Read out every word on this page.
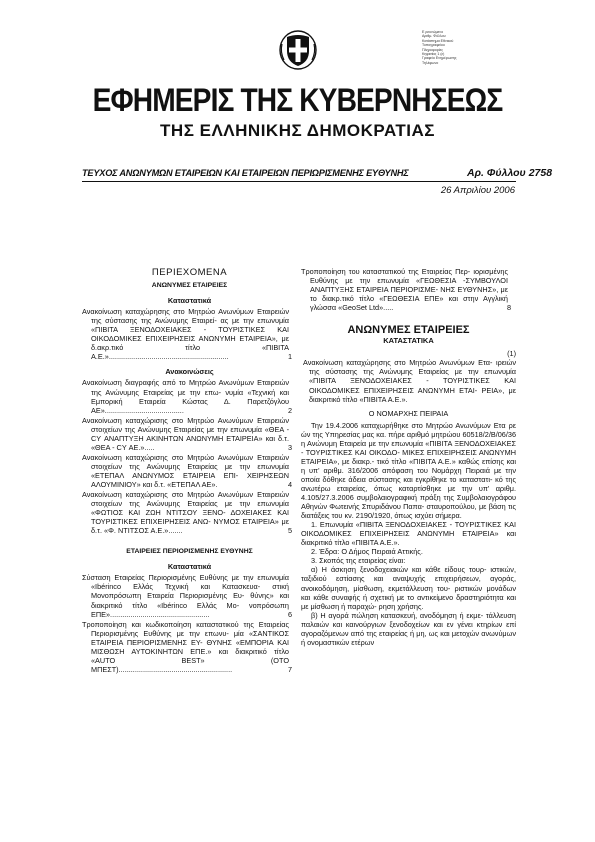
Ε ρευνώμενο
Αριθμ. Φύλλου
Κατάστημα Εθνικού
Τυπογραφείου
Πληροφορίες
Κηφισίας 1 (ε)
Γραφείο Ενημέρωσης
Τηλέφωνο
ΕΦΗΜΕΡΙΣ ΤΗΣ ΚΥΒΕΡΝΗΣΕΩΣ
ΤΗΣ ΕΛΛΗΝΙΚΗΣ ΔΗΜΟΚΡΑΤΙΑΣ
ΤΕΥΧΟΣ ΑΝΩΝΥΜΩΝ ΕΤΑΙΡΕΙΩΝ ΚΑΙ ΕΤΑΙΡΕΙΩΝ ΠΕΡΙΩΡΙΣΜΕΝΗΣ ΕΥΘΥΝΗΣ	Αρ. Φύλλου 2758
26 Απριλίου 2006
ΠΕΡΙΕΧΟΜΕΝΑ
ΑΝΩΝΥΜΕΣ ΕΤΑΙΡΕΙΕΣ
Καταστατικά
Ανακοίνωση καταχώρησης στο Μητρώο Ανωνύμων Εταιρειών της σύστασης της Ανώνυμης Εταιρεί- ας με την επωνυμία «ΠΙΒΙΤΑ ΞΕΝΟΔΟΧΕΙΑΚΕΣ - ΤΟΥΡΙΣΤΙΚΕΣ ΚΑΙ ΟΙΚΟΔΟΜΙΚΕΣ ΕΠΙΧΕΙΡΗΣΕΙΣ ΑΝΩΝΥΜΗ ΕΤΑΙΡΕΙΑ», με δ.ακρ.τικό τίτλο «ΠΙΒΙΤΑ Α.Ε.»...........................................................	1
Ανακοινώσεις
Ανακοίνωση διαγραφής από το Μητρώο Ανωνύμων Εταιρειών της Ανώνυμης Εταιρείας με την επω- νυμία «Τεχνική και Εμπορική Εταιρεία Κώστας Δ. Παρετζόγλου ΑΕ».......................................	2
Ανακοίνωση καταχώρισης στο Μητρώο Ανωνύμων Εταιρειών στοιχείων της Ανώνυμης Εταιρείας με την επωνυμία «ΘΕΑ - CY ΑΝΑΠΤΥΞΗ ΑΚΙΝΗΤΩΝ ΑΝΩΝΥΜΗ ΕΤΑΙΡΕΙΑ» και δ.τ. «ΘΕΑ - CY ΑΕ.».....	3
Ανακοίνωση καταχώρισης στο Μητρώο Ανωνύμων Εταιρειών στοιχείων της Ανώνυμης Εταιρείας με την επωνυμία «ΕΤΕΠΑΛ ΑΝΩΝΥΜΟΣ ΕΤΑΙΡΕΙΑ ΕΠΙ- ΧΕΙΡΗΣΕΩΝ ΑΛΟΥΜΙΝΙΟΥ» και δ.τ. «ΕΤΕΠΑΛ ΑΕ».	4
Ανακοίνωση καταχώρισης στο Μητρώο Ανωνύμων Εταιρειών στοιχείων της Ανώνυμης Εταιρείας με την επωνυμία «ΦΩΤΙΟΣ ΚΑΙ ΖΩΗ ΝΤΙΤΣΟΥ ΞΕΝΟ- ΔΟΧΕΙΑΚΕΣ ΚΑΙ ΤΟΥΡΙΣΤΙΚΕΣ ΕΠΙΧΕΙΡΗΣΕΙΣ ΑΝΩ- ΝΥΜΟΣ ΕΤΑΙΡΕΙΑ» με δ.τ. «Φ. ΝΤΙΤΣΟΣ Α.Ε.».......	5
ΕΤΑΙΡΕΙΕΣ ΠΕΡΙΟΡΙΣΜΕΝΗΣ ΕΥΘΥΝΗΣ
Καταστατικά
Σύσταση Εταιρείας Περιορισμένης Ευθύνης με την επωνυμία «Ibérinco Ελλάς Τεχνική και Κατασκευα- στική Μονοπρόσωπη Εταιρεία Περιορισμένης Ευ- θύνης» και διακριτικό τίτλο «Ibérinco Ελλάς Μο- νοπρόσωπη ΕΠΕ».................................................	6
Τροποποίηση και κωδικοποίηση καταστατικού της Εταιρείας Περιορισμένης Ευθύνης με την επωνυ- μία «ΣΑΝΤΙΚΟΣ ΕΤΑΙΡΕΙΑ ΠΕΡΙΟΡΙΣΜΕΝΗΣ ΕΥ- ΘΥΝΗΣ «ΕΜΠΟΡΙΑ ΚΑΙ ΜΙΣΘΩΣΗ ΑΥΤΟΚΙΝΗΤΩΝ ΕΠΕ.» και διακριτικό τίτλο «AUTO BEST» (ΟΤΟ ΜΠΕΣΤ)........................................................	7
Τροποποίηση του καταστατικού της Εταιρείας Περ- ιορισμένης Ευθύνης με την επωνυμία «ΓΕΩΘΕΣΙΑ -ΣΥΜΒΟΥΛΟΙ ΑΝΑΠΤΥΞΗΣ ΕΤΑΙΡΕΙΑ ΠΕΡΙΟΡΙΣΜΕ- ΝΗΣ ΕΥΘΥΝΗΣ», με το διακρ.τικό τίτλο «ΓΕΩΘΕΣΙΑ ΕΠΕ» και στην Αγγλική γλώσσα «GeoSet Ltd».....	8
ΑΝΩΝΥΜΕΣ ΕΤΑΙΡΕΙΕΣ
ΚΑΤΑΣΤΑΤΙΚΑ
(1)
Ανακοίνωση καταχώρησης στο Μητρώο Ανωνύμων Ετα- ιρειών της σύστασης της Ανώνυμης Εταιρείας με την επωνυμία «ΠΙΒΙΤΑ ΞΕΝΟΔΟΧΕΙΑΚΕΣ - ΤΟΥΡΙΣΤΙΚΕΣ ΚΑΙ ΟΙΚΟΔΟΜΙΚΕΣ ΕΠΙΧΕΙΡΗΣΕΙΣ ΑΝΩΝΥΜΗ ΕΤΑΙ- ΡΕΙΑ», με διακριτικό τίτλο «ΠΙΒΙΤΑ Α.Ε.».
Ο ΝΟΜΑΡΧΗΣ ΠΕΙΡΑΙΑ
Την 19.4.2006 καταχωρήθηκε στο Μητρώο Ανωνύμων Ετα ρε ών της Υπηρεσίας μας κα. πήρε αριθμό μητρώου 60518/2/Β/06/36 η Ανώνυμη Εταιρεία με την επωνυμία «ΠΙΒΙΤΑ ΞΕΝΟΔΟΧΕΙΑΚΕΣ - ΤΟΥΡΙΣΤΙΚΕΣ ΚΑΙ ΟΙΚΟΔΟ- ΜΙΚΕΣ ΕΠΙΧΕΙΡΗΣΕΙΣ ΑΝΩΝΥΜΗ ΕΤΑΙΡΕΙΑ», με διακρ.- τικό τίτλο «ΠΙΒΙΤΑ Α.Ε.» καθώς επίσης και η υπ' αριθμ. 316/2006 απόφαση του Νομάρχη Πειραιά με την οποία δόθηκε άδεια σύστασης και εγκρίθηκε το καταστατι- κό της ανωτέρω εταιρείας, όπως καταρτίσθηκε με την υπ' αριθμ. 4.105/27.3.2006 συμβολαιογραφική πράξη της Συμβολαιογράφου Αθηνών Φωτεινής Σπυριδάνου Παπα- σταυροπούλου, με βάση τις διατάξεις του κν. 2190/1920, όπως ισχύει σήμερα.
1. Επωνυμία «ΠΙΒΙΤΑ ΞΕΝΟΔΟΧΕΙΑΚΕΣ - ΤΟΥΡΙΣΤΙΚΕΣ ΚΑΙ ΟΙΚΟΔΟΜΙΚΕΣ ΕΠΙΧΕΙΡΗΣΕΙΣ ΑΝΩΝΥΜΗ ΕΤΑΙΡΕΙΑ» και διακριτικό τίτλο «ΠΙΒΙΤΑ Α.Ε.».
2. Έδρα: Ο Δήμος Πειραιά Αττικής.
3. Σκοπός της εταιρείας είναι:
α) Η άσκηση ξενοδοχειακών και κάθε είδους τουρ- ιστικών, ταξιδιού εστίασης και αναψυχής επιχειρήσεων, αγοράς, ανοικοδόμηση, μίσθωση, εκμετάλλευση του- ριστικών μονάδων και κάθε συναφής ή σχετική με το αντικείμενο δραστηριότητα και με μίσθωση ή παραχώ- ρηση χρήσης.
β) Η αγορά πώληση κατασκευή, ανοδόμηση ή εκμε- τάλλευση παλαιών και καινούργιων ξενοδοχείων και εν γένει κτηρίων επί αγοραζόμενων από της εταιρείας ή μη, ως και μετοχών ανωνύμων ή ονομαστικών ετέρων
